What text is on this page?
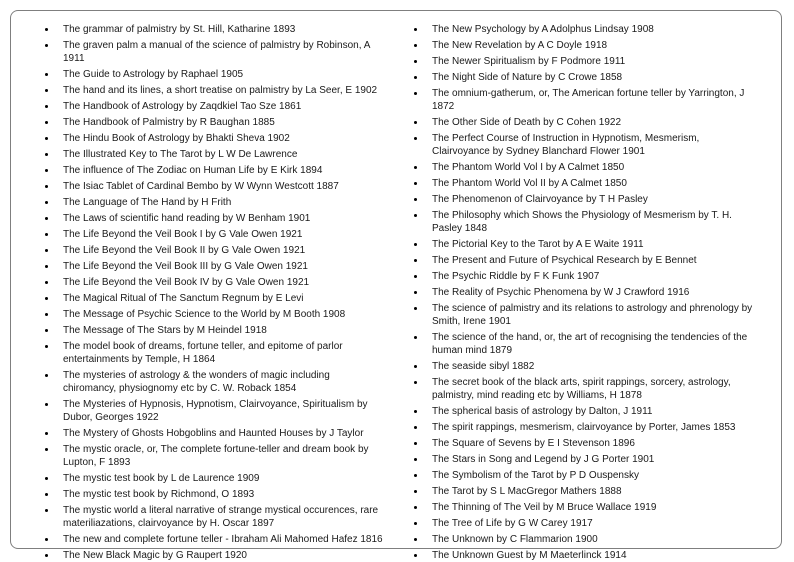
• The grammar of palmistry by St. Hill, Katharine 1893
• The graven palm a manual of the science of palmistry by Robinson, A 1911
• The Guide to Astrology by Raphael 1905
• The hand and its lines, a short treatise on palmistry by La Seer, E 1902
• The Handbook of Astrology by Zaqdkiel Tao Sze 1861
• The Handbook of Palmistry by R Baughan 1885
• The Hindu Book of Astrology by Bhakti Sheva 1902
• The Illustrated Key to The Tarot by L W De Lawrence
• The influence of The Zodiac on Human Life by E Kirk 1894
• The Isiac Tablet of Cardinal Bembo by W Wynn Westcott 1887
• The Language of The Hand by H Frith
• The Laws of scientific hand reading by W Benham 1901
• The Life Beyond the Veil Book I by G Vale Owen 1921
• The Life Beyond the Veil Book II by G Vale Owen 1921
• The Life Beyond the Veil Book III by G Vale Owen 1921
• The Life Beyond the Veil Book IV by G Vale Owen 1921
• The Magical Ritual of The Sanctum Regnum by E Levi
• The Message of Psychic Science to the World by M Booth 1908
• The Message of The Stars by M Heindel 1918
• The model book of dreams, fortune teller, and epitome of parlor entertainments by Temple, H 1864
• The mysteries of astrology & the wonders of magic including chiromancy, physiognomy etc by C. W. Roback 1854
• The Mysteries of Hypnosis, Hypnotism, Clairvoyance, Spiritualism by Dubor, Georges 1922
• The Mystery of Ghosts Hobgoblins and Haunted Houses by J Taylor
• The mystic oracle, or, The complete fortune-teller and dream book by Lupton, F 1893
• The mystic test book by L de Laurence 1909
• The mystic test book by Richmond, O 1893
• The mystic world a literal narrative of strange mystical occurences, rare materiliazations, clairvoyance by H. Oscar 1897
• The new and complete fortune teller - Ibraham Ali Mahomed Hafez 1816
• The New Black Magic by G Raupert 1920
• The New Psychology by A Adolphus Lindsay 1908
• The New Revelation by A C Doyle 1918
• The Newer Spiritualism by F Podmore 1911
• The Night Side of Nature by C Crowe 1858
• The omnium-gatherum, or, The American fortune teller by Yarrington, J 1872
• The Other Side of Death by C Cohen 1922
• The Perfect Course of Instruction in Hypnotism, Mesmerism, Clairvoyance by Sydney Blanchard Flower 1901
• The Phantom World Vol I by A Calmet 1850
• The Phantom World Vol II by A Calmet 1850
• The Phenomenon of Clairvoyance by T H Pasley
• The Philosophy which Shows the Physiology of Mesmerism by T. H. Pasley 1848
• The Pictorial Key to the Tarot by A E Waite 1911
• The Present and Future of Psychical Research by E Bennet
• The Psychic Riddle by F K Funk 1907
• The Reality of Psychic Phenomena by W J Crawford 1916
• The science of palmistry and its relations to astrology and phrenology by Smith, Irene 1901
• The science of the hand, or, the art of recognising the tendencies of the human mind 1879
• The seaside sibyl 1882
• The secret book of the black arts, spirit rappings, sorcery, astrology, palmistry, mind reading etc by Williams, H 1878
• The spherical basis of astrology by Dalton, J 1911
• The spirit rappings, mesmerism, clairvoyance by Porter, James 1853
• The Square of Sevens by E I Stevenson 1896
• The Stars in Song and Legend by J G Porter 1901
• The Symbolism of the Tarot by P D Ouspensky
• The Tarot by S L MacGregor Mathers 1888
• The Thinning of The Veil by M Bruce Wallace 1919
• The Tree of Life by G W Carey 1917
• The Unknown by C Flammarion 1900
• The Unknown Guest by M Maeterlinck 1914
